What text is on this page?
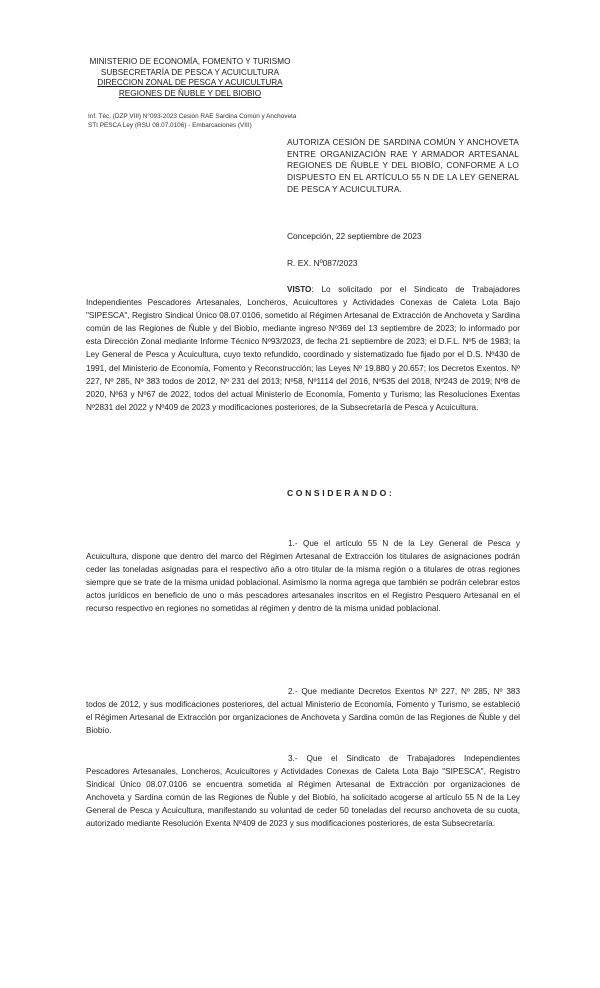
MINISTERIO DE ECONOMÍA, FOMENTO Y TURISMO
SUBSECRETARÍA DE PESCA Y ACUICULTURA
DIRECCION ZONAL DE PESCA Y ACUICULTURA
REGIONES DE ÑUBLE Y DEL BIOBIO
Inf. Téc. (DZP VIII) N°093-2023 Cesión RAE Sardina Común y Anchoveta
STI PESCA Ley (RSU 08.07.0106) - Embarcaciones (VIII)
AUTORIZA CESIÓN DE SARDINA COMÚN Y ANCHOVETA ENTRE ORGANIZACIÓN RAE Y ARMADOR ARTESANAL REGIONES DE ÑUBLE Y DEL BIOBÍO, CONFORME A LO DISPUESTO EN EL ARTÍCULO 55 N DE LA LEY GENERAL DE PESCA Y ACUICULTURA.
Concepción, 22 septiembre de 2023
R. EX. Nº087/2023
VISTO: Lo solicitado por el Sindicato de Trabajadores Independientes Pescadores Artesanales, Loncheros, Acuicultores y Actividades Conexas de Caleta Lota Bajo "SIPESCA", Registro Sindical Único 08.07.0106, sometido al Régimen Artesanal de Extracción de Anchoveta y Sardina común de las Regiones de Ñuble y del Biobío, mediante ingreso Nº369 del 13 septiembre de 2023; lo informado por esta Dirección Zonal mediante Informe Técnico Nº93/2023, de fecha 21 septiembre de 2023; el D.F.L. Nº5 de 1983; la Ley General de Pesca y Acuicultura, cuyo texto refundido, coordinado y sistematizado fue fijado por el D.S. Nº430 de 1991, del Ministerio de Economía, Fomento y Reconstrucción; las Leyes Nº 19.880 y 20.657; los Decretos Exentos. Nº 227, Nº 285, Nº 383 todos de 2012, Nº 231 del 2013; Nº58, Nº1114 del 2016, Nº535 del 2018, Nº243 de 2019; Nº8 de 2020, Nº63 y Nº67 de 2022, todos del actual Ministerio de Economía, Fomento y Turismo; las Resoluciones Exentas Nº2831 del 2022 y Nº409 de 2023 y modificaciones posteriores, de la Subsecretaría de Pesca y Acuicultura.
CONSIDERANDO:
1.- Que el artículo 55 N de la Ley General de Pesca y Acuicultura, dispone que dentro del marco del Régimen Artesanal de Extracción los titulares de asignaciones podrán ceder las toneladas asignadas para el respectivo año a otro titular de la misma región o a titulares de otras regiones siempre que se trate de la misma unidad poblacional. Asimismo la norma agrega que también se podrán celebrar estos actos jurídicos en beneficio de uno o más pescadores artesanales inscritos en el Registro Pesquero Artesanal en el recurso respectivo en regiones no sometidas al régimen y dentro de la misma unidad poblacional.
2.- Que mediante Decretos Exentos Nº 227, Nº 285, Nº 383 todos de 2012, y sus modificaciones posteriores, del actual Ministerio de Economía, Fomento y Turismo, se estableció el Régimen Artesanal de Extracción por organizaciones de Anchoveta y Sardina común de las Regiones de Ñuble y del Biobío.
3.- Que el Sindicato de Trabajadores Independientes Pescadores Artesanales, Loncheros, Acuicultores y Actividades Conexas de Caleta Lota Bajo "SIPESCA", Registro Sindical Único 08.07.0106 se encuentra sometida al Régimen Artesanal de Extracción por organizaciones de Anchoveta y Sardina común de las Regiones de Ñuble y del Biobío, ha solicitado acogerse al artículo 55 N de la Ley General de Pesca y Acuicultura, manifestando su voluntad de ceder 50 toneladas del recurso anchoveta de su cuota, autorizado mediante Resolución Exenta Nº409 de 2023 y sus modificaciones posteriores, de esta Subsecretaría.
